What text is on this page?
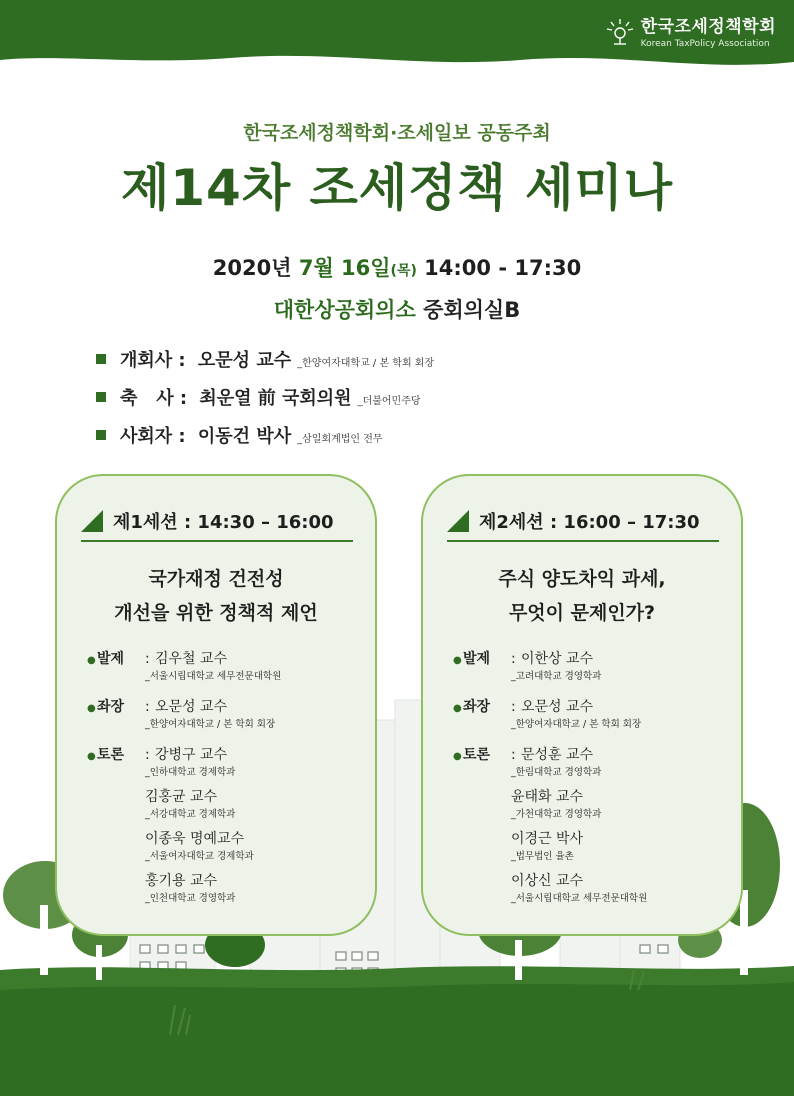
한국조세정책학회
Korean TaxPolicy Association
한국조세정책학회·조세일보 공동주최
제14차 조세정책 세미나
2020년 7월 16일(목) 14:00 - 17:30
대한상공회의소 중회의실B
개회사 : 오문성 교수 _한양여자대학교 / 본 학회 회장
축   사 : 최운열 前 국회의원 _더불어민주당
사회자 : 이동건 박사 _삼일회계법인 전무
제1세션 : 14:30 – 16:00
국가재정 건전성
개선을 위한 정책적 제언
● 발제	: 김우철 교수
_서울시립대학교 세무전문대학원
● 좌장	: 오문성 교수
_한양여자대학교 / 본 학회 회장
● 토론	: 강병구 교수
_인하대학교 경제학과
김홍균 교수
_서강대학교 경제학과
이종욱 명예교수
_서울여자대학교 경제학과
홍기용 교수
_인천대학교 경영학과
제2세션 : 16:00 – 17:30
주식 양도차익 과세,
무엇이 문제인가?
● 발제	: 이한상 교수
_고려대학교 경영학과
● 좌장	: 오문성 교수
_한양여자대학교 / 본 학회 회장
● 토론	: 문성훈 교수
_한림대학교 경영학과
윤태화 교수
_가천대학교 경영학과
이경근 박사
_법무법인 율촌
이상신 교수
_서울시립대학교 세무전문대학원
